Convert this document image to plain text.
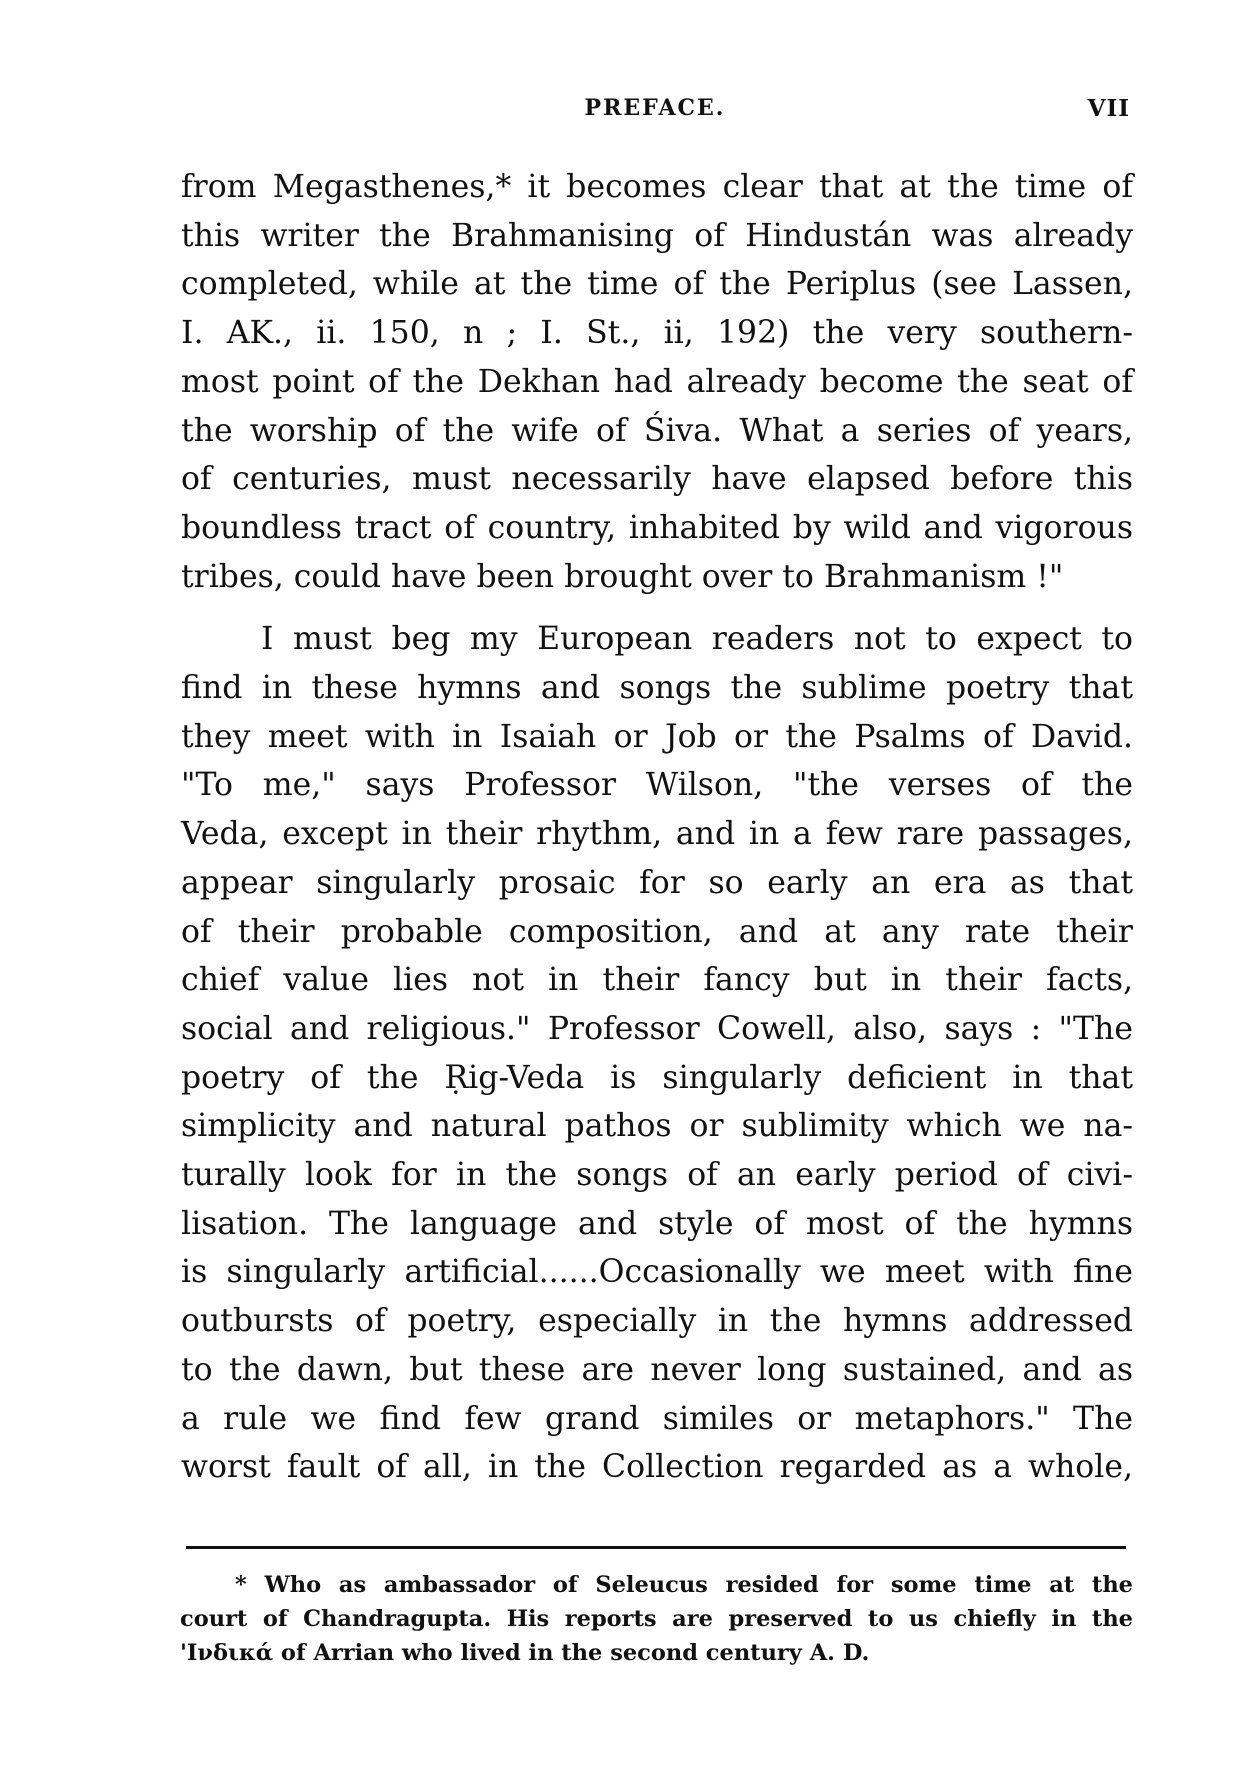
PREFACE.	VII

from Megasthenes,* it becomes clear that at the time of
this writer the Brahmanising of Hindustán was already
completed, while at the time of the Periplus (see Lassen,
I. AK., ii. 150, n ; I. St., ii, 192) the very southern-
most point of the Dekhan had already become the seat of
the worship of the wife of Śiva. What a series of years,
of centuries, must necessarily have elapsed before this
boundless tract of country, inhabited by wild and vigorous
tribes, could have been brought over to Brahmanism !"

I must beg my European readers not to expect to
find in these hymns and songs the sublime poetry that
they meet with in Isaiah or Job or the Psalms of David.
"To me," says Professor Wilson, "the verses of the
Veda, except in their rhythm, and in a few rare passages,
appear singularly prosaic for so early an era as that
of their probable composition, and at any rate their
chief value lies not in their fancy but in their facts,
social and religious." Professor Cowell, also, says : "The
poetry of the Ṛig-Veda is singularly deficient in that
simplicity and natural pathos or sublimity which we na-
turally look for in the songs of an early period of civi-
lisation. The language and style of most of the hymns
is singularly artificial......Occasionally we meet with fine
outbursts of poetry, especially in the hymns addressed
to the dawn, but these are never long sustained, and as
a rule we find few grand similes or metaphors." The
worst fault of all, in the Collection regarded as a whole,

* Who as ambassador of Seleucus resided for some time at the
court of Chandragupta. His reports are preserved to us chiefly in the
'Ινδικά of Arrian who lived in the second century A. D.
